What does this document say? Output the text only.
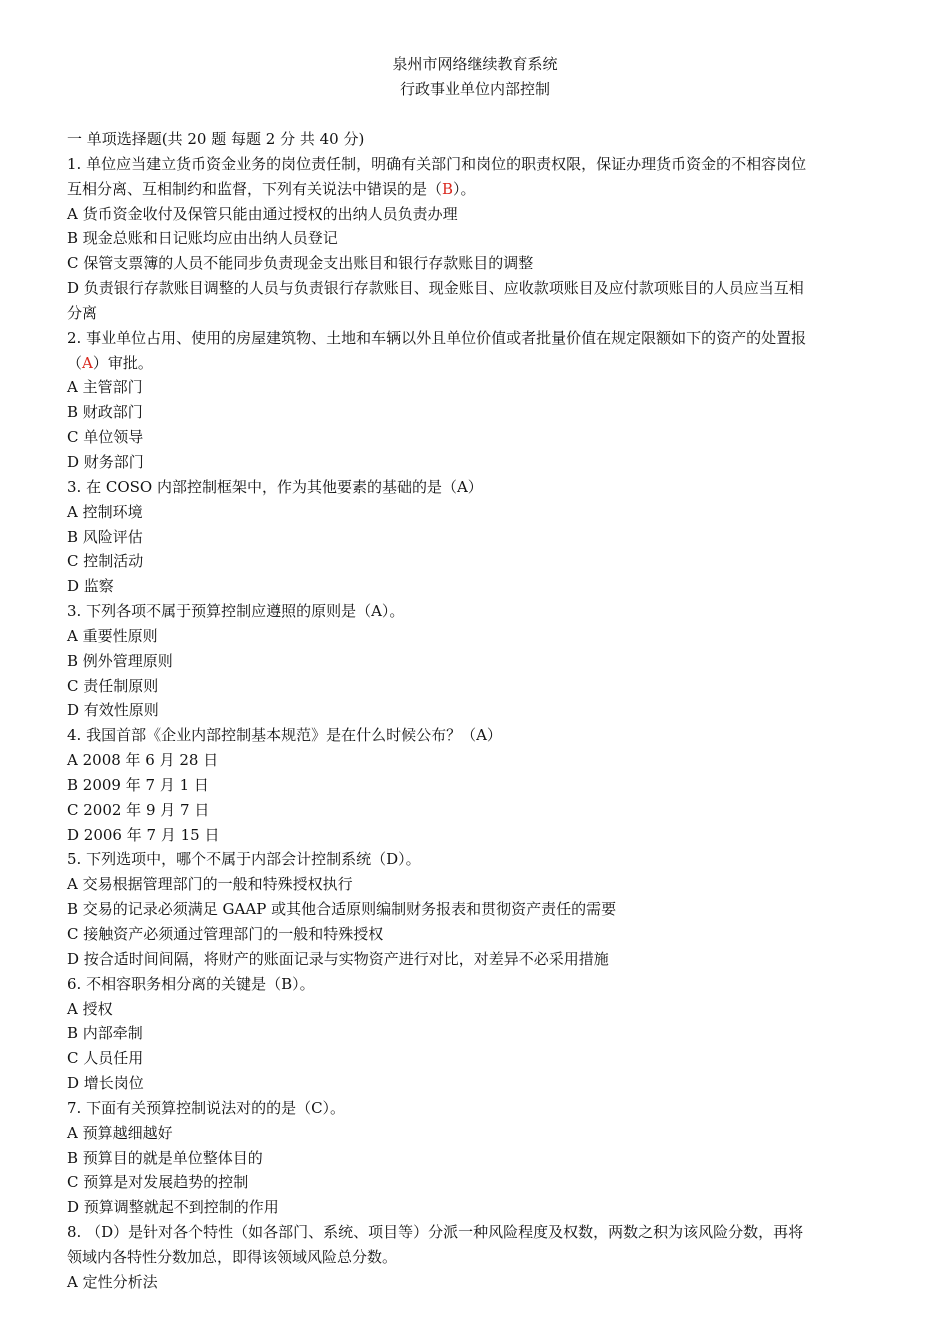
泉州市网络继续教育系统
行政事业单位内部控制
一 单项选择题(共 20 题 每题 2 分 共 40 分)
1. 单位应当建立货币资金业务的岗位责任制，明确有关部门和岗位的职责权限，保证办理货币资金的不相容岗位
互相分离、互相制约和监督，下列有关说法中错误的是（B）。
A 货币资金收付及保管只能由通过授权的出纳人员负责办理
B 现金总账和日记账均应由出纳人员登记
C 保管支票簿的人员不能同步负责现金支出账目和银行存款账目的调整
D 负责银行存款账目调整的人员与负责银行存款账目、现金账目、应收款项账目及应付款项账目的人员应当互相
分离
2. 事业单位占用、使用的房屋建筑物、土地和车辆以外且单位价值或者批量价值在规定限额如下的资产的处置报
（A）审批。
A 主管部门
B 财政部门
C 单位领导
D 财务部门
3. 在 COSO 内部控制框架中，作为其他要素的基础的是（A）
A 控制环境
B 风险评估
C 控制活动
D 监察
3. 下列各项不属于预算控制应遵照的原则是（A）。
A 重要性原则
B 例外管理原则
C 责任制原则
D 有效性原则
4. 我国首部《企业内部控制基本规范》是在什么时候公布？（A）
A 2008 年 6 月 28 日
B 2009 年 7 月 1 日
C 2002 年 9 月 7 日
D 2006 年 7 月 15 日
5. 下列选项中，哪个不属于内部会计控制系统（D）。
A 交易根据管理部门的一般和特殊授权执行
B 交易的记录必须满足 GAAP 或其他合适原则编制财务报表和贯彻资产责任的需要
C 接触资产必须通过管理部门的一般和特殊授权
D 按合适时间间隔，将财产的账面记录与实物资产进行对比，对差异不必采用措施
6. 不相容职务相分离的关键是（B）。
A 授权
B 内部牵制
C 人员任用
D 增长岗位
7. 下面有关预算控制说法对的的是（C）。
A 预算越细越好
B 预算目的就是单位整体目的
C 预算是对发展趋势的控制
D 预算调整就起不到控制的作用
8. （D）是针对各个特性（如各部门、系统、项目等）分派一种风险程度及权数，两数之积为该风险分数，再将
领域内各特性分数加总，即得该领域风险总分数。
A 定性分析法
